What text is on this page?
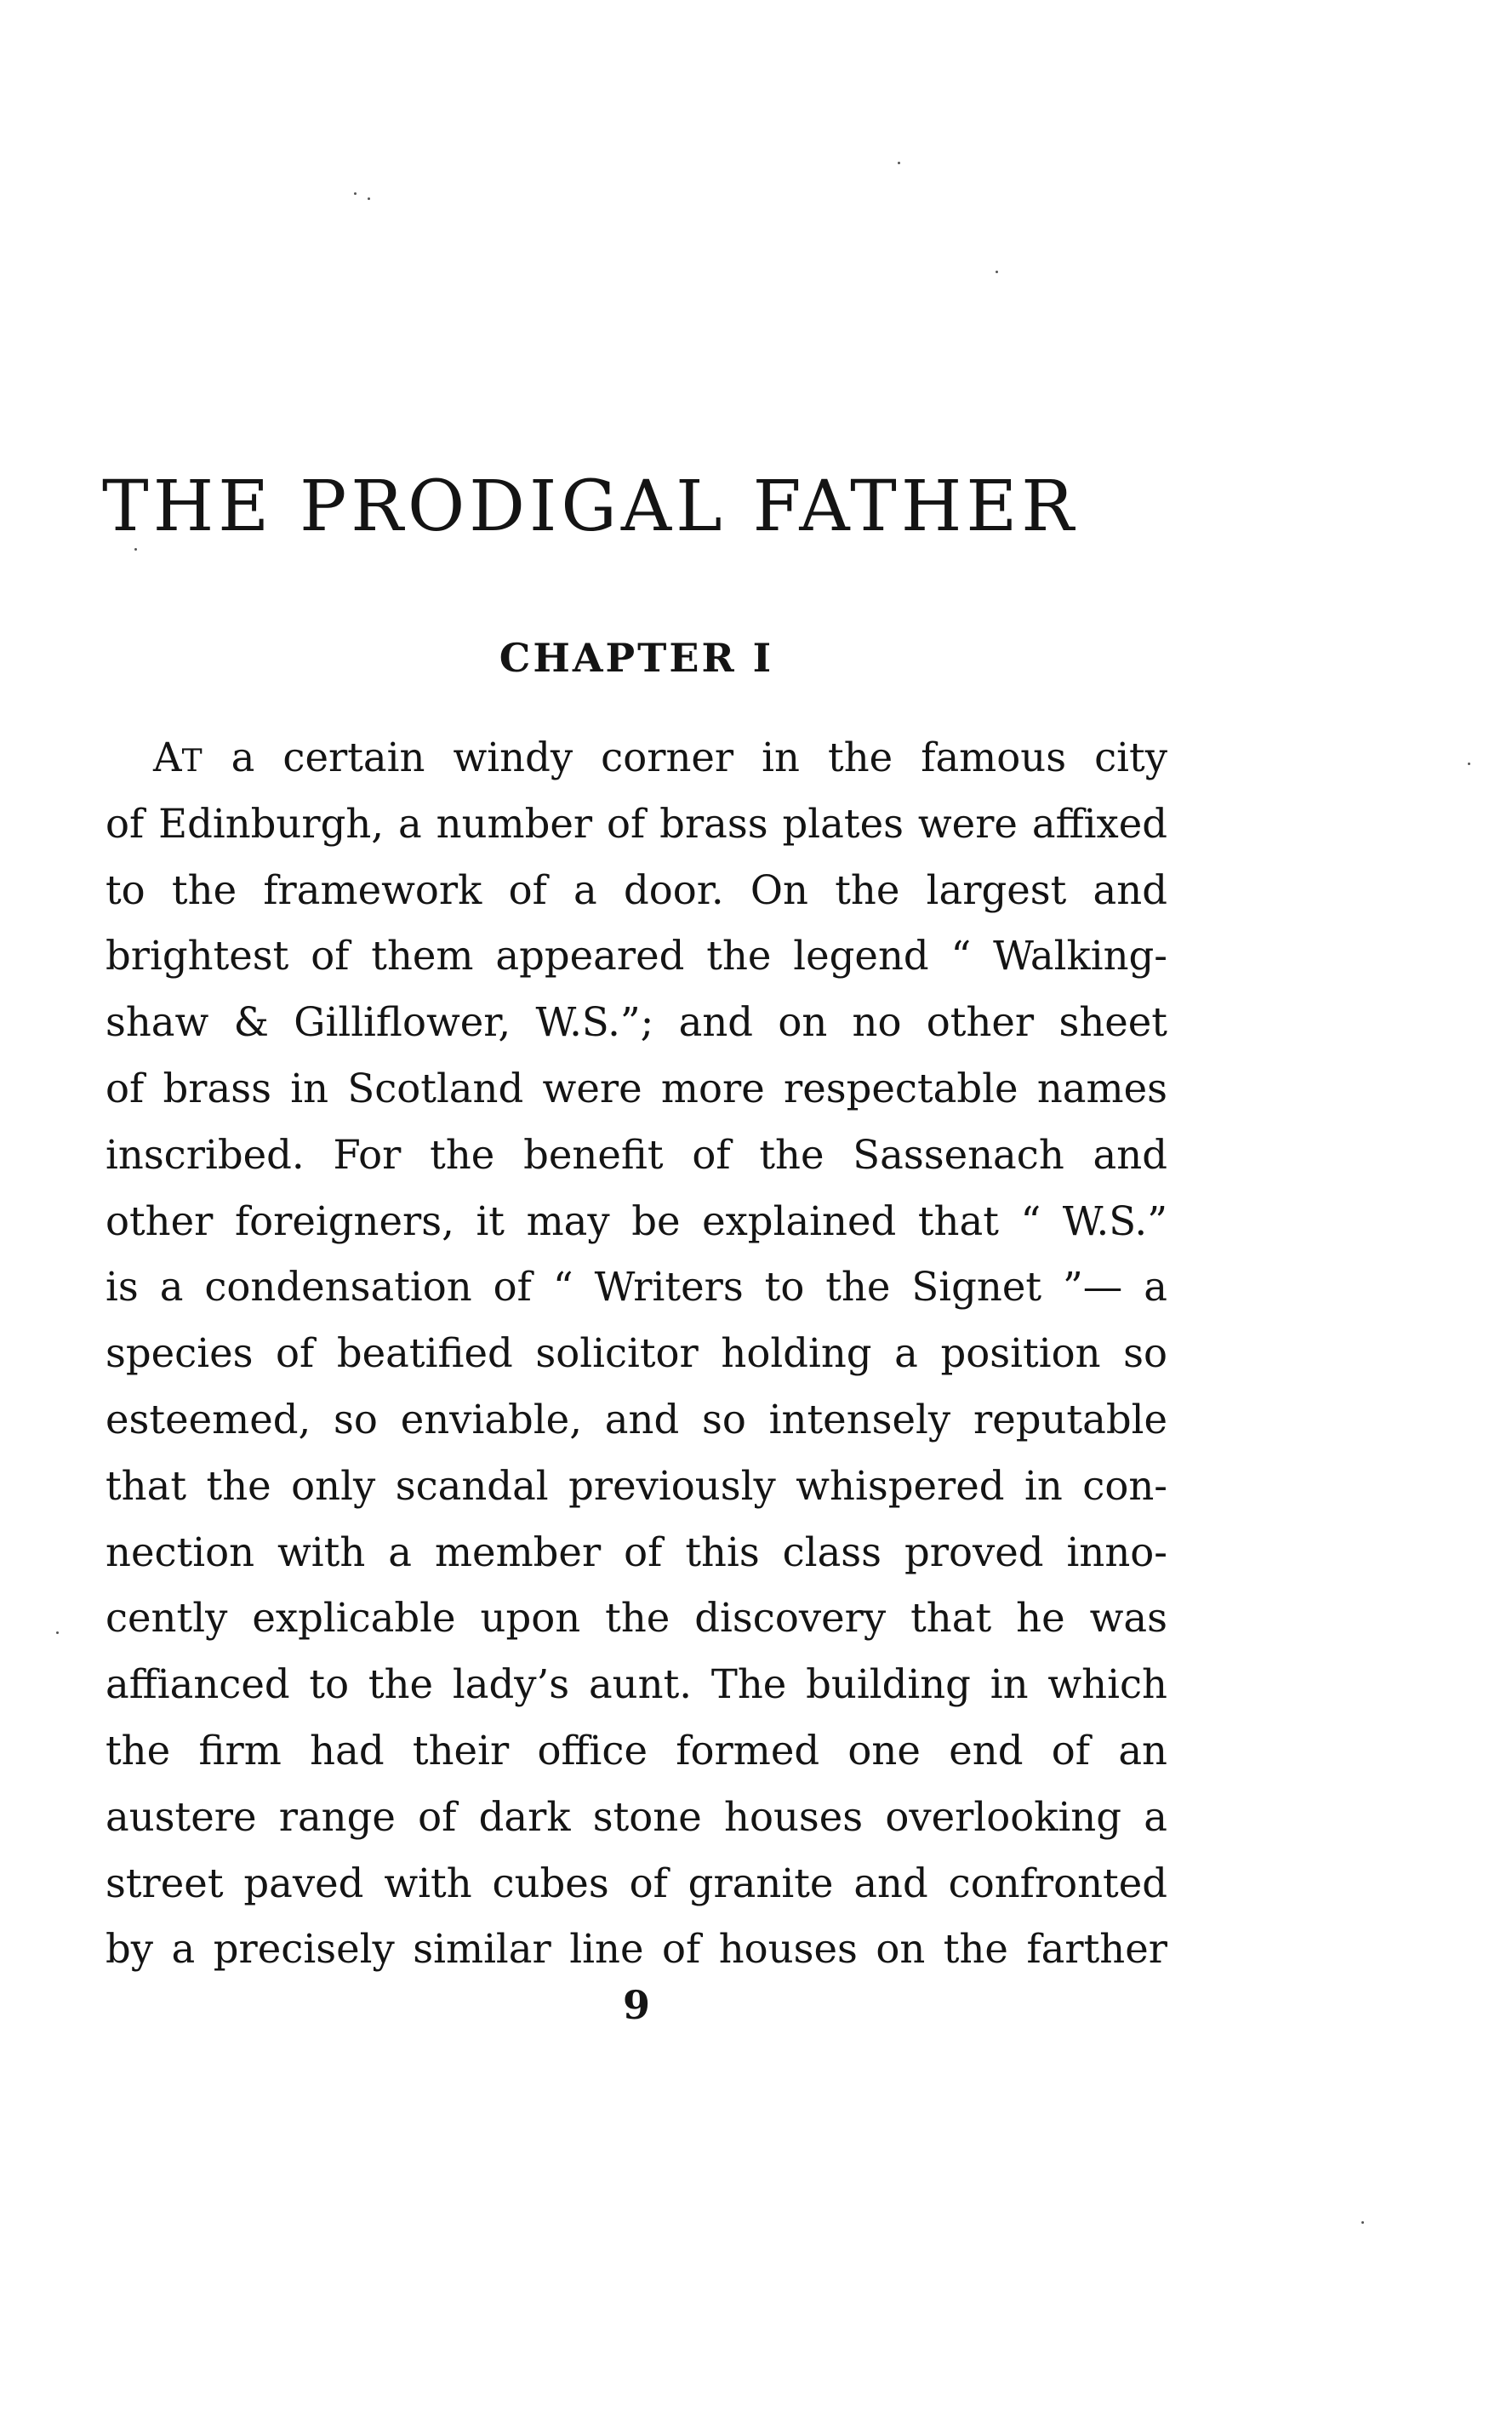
THE PRODIGAL FATHER
CHAPTER I
AT a certain windy corner in the famous city
of Edinburgh, a number of brass plates were affixed
to the framework of a door. On the largest and
brightest of them appeared the legend “ Walking-
shaw & Gilliflower, W.S.”; and on no other sheet
of brass in Scotland were more respectable names
inscribed. For the benefit of the Sassenach and
other foreigners, it may be explained that “ W.S.”
is a condensation of “ Writers to the Signet ”— a
species of beatified solicitor holding a position so
esteemed, so enviable, and so intensely reputable
that the only scandal previously whispered in con-
nection with a member of this class proved inno-
cently explicable upon the discovery that he was
affianced to the lady’s aunt. The building in which
the firm had their office formed one end of an
austere range of dark stone houses overlooking a
street paved with cubes of granite and confronted
by a precisely similar line of houses on the farther
9
